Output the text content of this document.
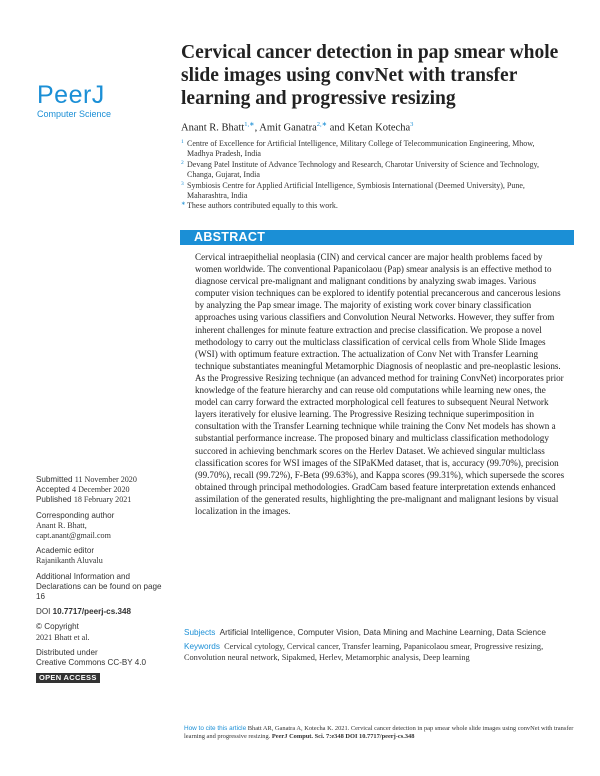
PeerJ
Computer Science
Cervical cancer detection in pap smear whole slide images using convNet with transfer learning and progressive resizing
Anant R. Bhatt$^{1,∗}$, Amit Ganatra$^{2,∗}$ and Ketan Kotecha$^3$

1 Centre of Excellence for Artificial Intelligence, Military College of Telecommunication Engineering, Mhow, Madhya Pradesh, India

2 Devang Patel Institute of Advance Technology and Research, Charotar University of Science and Technology, Changa, Gujarat, India

3 Symbiosis Centre for Applied Artificial Intelligence, Symbiosis International (Deemed University), Pune, Maharashtra, India

∗ These authors contributed equally to this work.

ABSTRACT

Cervical intraepithelial neoplasia (CIN) and cervical cancer are major health problems faced by women worldwide. The conventional Papanicolaou (Pap) smear analysis is an effective method to diagnose cervical pre-malignant and malignant conditions by analyzing swab images. Various computer vision techniques can be explored to identify potential precancerous and cancerous lesions by analyzing the Pap smear image. The majority of existing work cover binary classification approaches using various classifiers and Convolution Neural Networks. However, they suffer from inherent challenges for minute feature extraction and precise classification. We propose a novel methodology to carry out the multiclass classification of cervical cells from Whole Slide Images (WSI) with optimum feature extraction. The actualization of Conv Net with Transfer Learning technique substantiates meaningful Metamorphic Diagnosis of neoplastic and pre-neoplastic lesions. As the Progressive Resizing technique (an advanced method for training ConvNet) incorporates prior knowledge of the feature hierarchy and can reuse old computations while learning new ones, the model can carry forward the extracted morphological cell features to subsequent Neural Network layers iteratively for elusive learning. The Progressive Resizing technique superimposition in consultation with the Transfer Learning technique while training the Conv Net models has shown a substantial performance increase. The proposed binary and multiclass classification methodology succored in achieving benchmark scores on the Herlev Dataset. We achieved singular multiclass classification scores for WSI images of the SIPaKMed dataset, that is, accuracy (99.70%), precision (99.70%), recall (99.72%), F-Beta (99.63%), and Kappa scores (99.31%), which supersede the scores obtained through principal methodologies. GradCam based feature interpretation extends enhanced assimilation of the generated results, highlighting the pre-malignant and malignant lesions by visual localization in the images.

Submitted 11 November 2020
Accepted 4 December 2020
Published 18 February 2021
Corresponding author
Anant R. Bhatt,
capt.anant@gmail.com
Academic editor
Rajanikanth Aluvalu
Additional Information and Declarations can be found on page 16
DOI 10.7717/peerj-cs.348
© Copyright
2021 Bhatt et al.
Distributed under
Creative Commons CC-BY 4.0
OPEN ACCESS
Subjects Artificial Intelligence, Computer Vision, Data Mining and Machine Learning, Data Science
Keywords Cervical cytology, Cervical cancer, Transfer learning, Papanicolaou smear, Progressive resizing, Convolution neural network, Sipakmed, Herlev, Metamorphic analysis, Deep learning
How to cite this article Bhatt AR, Ganatra A, Kotecha K. 2021. Cervical cancer detection in pap smear whole slide images using convNet with transfer learning and progressive resizing. PeerJ Comput. Sci. 7:e348 DOI 10.7717/peerj-cs.348
